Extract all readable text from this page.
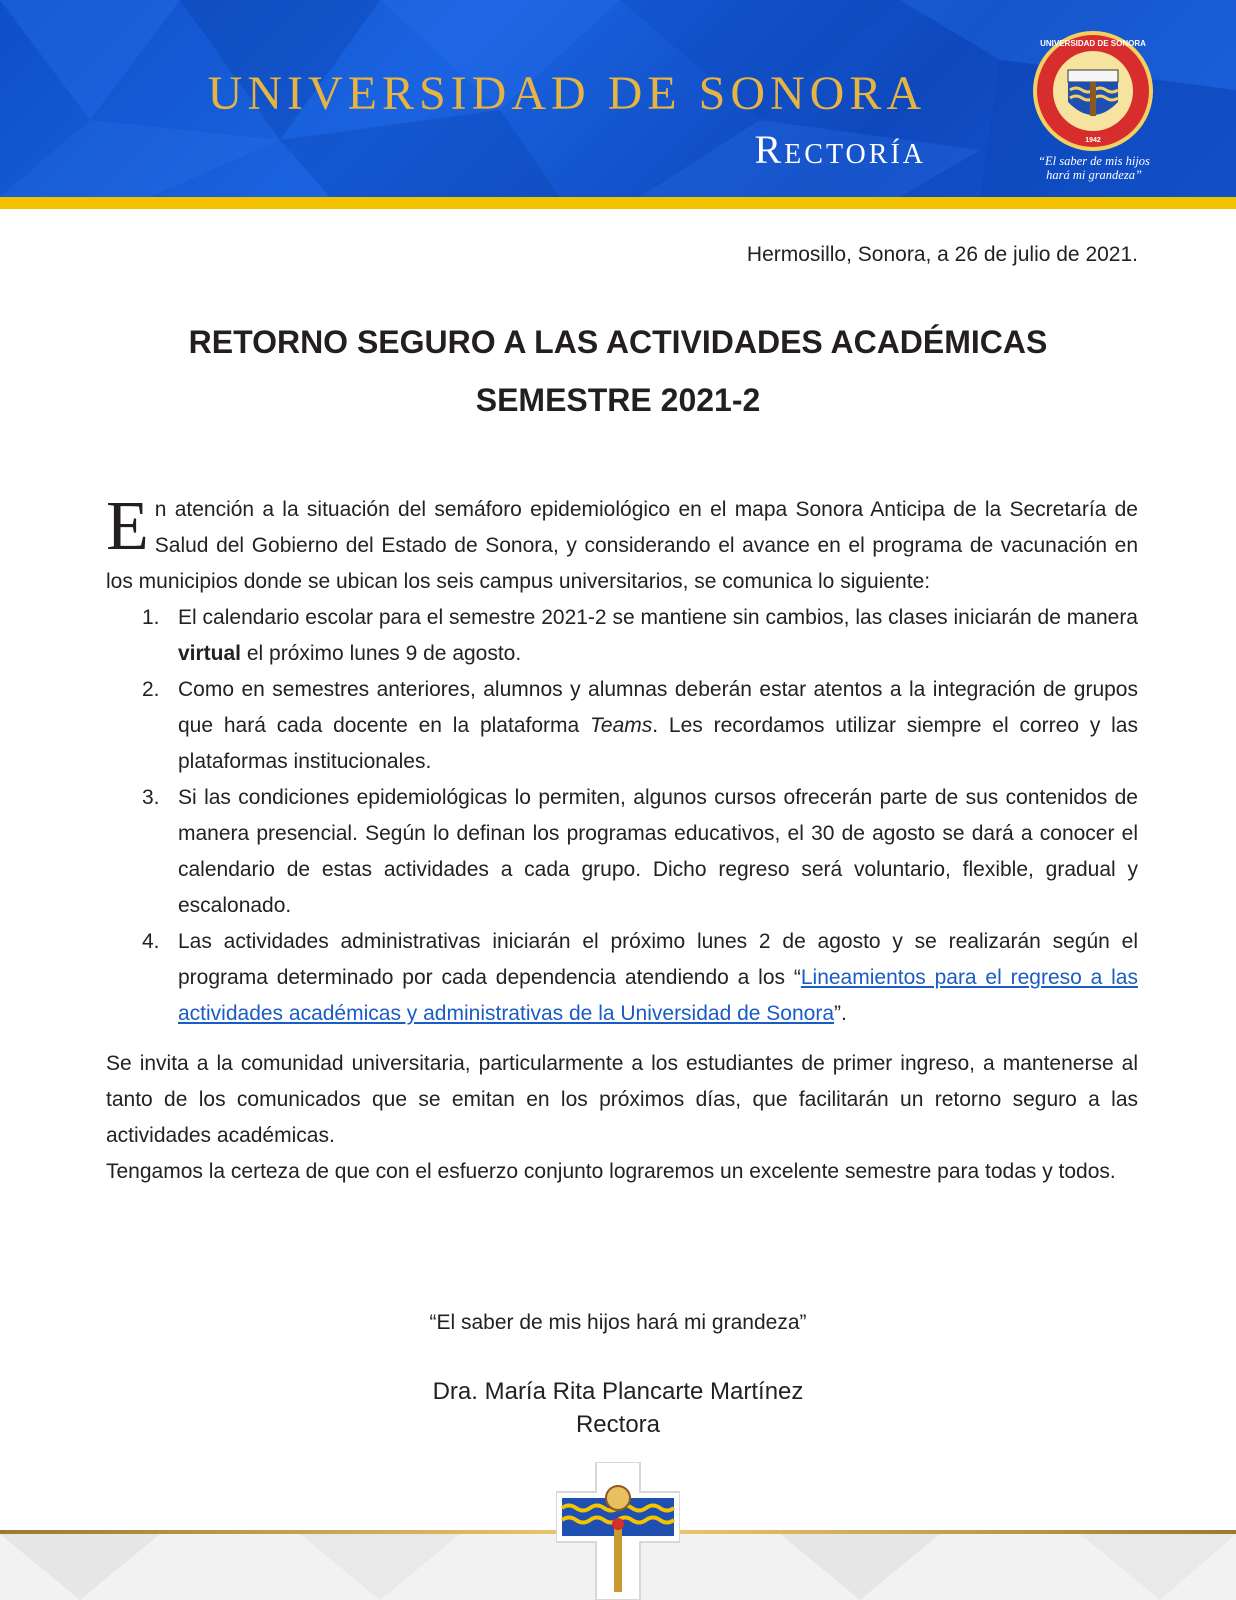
UNIVERSIDAD DE SONORA
Rectoría
UNIVERSIDAD DE SONORA
1942
“El saber de mis hijos
hará mi grandeza”
Hermosillo, Sonora, a 26 de julio de 2021.
RETORNO SEGURO A LAS ACTIVIDADES ACADÉMICAS
SEMESTRE 2021-2

En atención a la situación del semáforo epidemiológico en el mapa Sonora Anticipa de la Secretaría de Salud del Gobierno del Estado de Sonora, y considerando el avance en el programa de vacunación en los municipios donde se ubican los seis campus universitarios, se comunica lo siguiente:

1. El calendario escolar para el semestre 2021-2 se mantiene sin cambios, las clases iniciarán de manera virtual el próximo lunes 9 de agosto.
2. Como en semestres anteriores, alumnos y alumnas deberán estar atentos a la integración de grupos que hará cada docente en la plataforma Teams. Les recordamos utilizar siempre el correo y las plataformas institucionales.
3. Si las condiciones epidemiológicas lo permiten, algunos cursos ofrecerán parte de sus contenidos de manera presencial. Según lo definan los programas educativos, el 30 de agosto se dará a conocer el calendario de estas actividades a cada grupo. Dicho regreso será voluntario, flexible, gradual y escalonado.
4. Las actividades administrativas iniciarán el próximo lunes 2 de agosto y se realizarán según el programa determinado por cada dependencia atendiendo a los “Lineamientos para el regreso a las actividades académicas y administrativas de la Universidad de Sonora”.

Se invita a la comunidad universitaria, particularmente a los estudiantes de primer ingreso, a mantenerse al tanto de los comunicados que se emitan en los próximos días, que facilitarán un retorno seguro a las actividades académicas.

Tengamos la certeza de que con el esfuerzo conjunto lograremos un excelente semestre para todas y todos.

“El saber de mis hijos hará mi grandeza”
Dra. María Rita Plancarte Martínez
Rectora
